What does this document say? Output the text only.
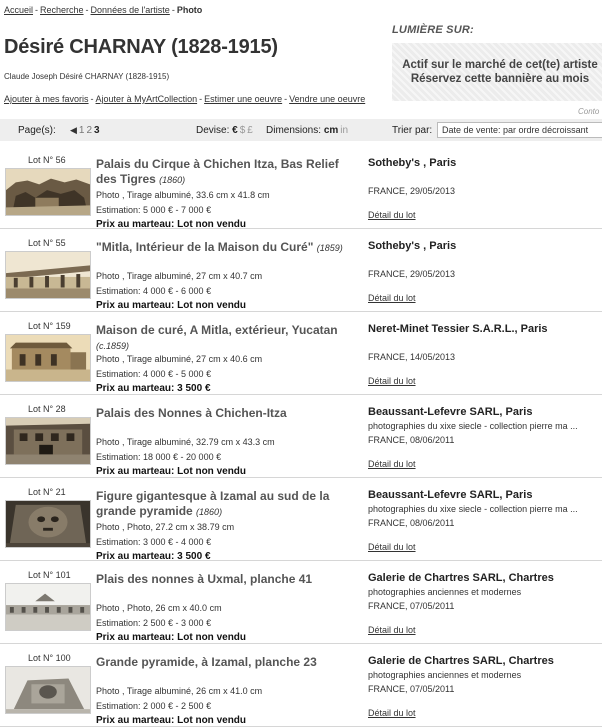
Accueil - Recherche - Données de l'artiste - Photo
Désiré CHARNAY (1828-1915)
Claude Joseph Désiré CHARNAY (1828-1915)
Ajouter à mes favoris - Ajouter à MyArtCollection - Estimer une oeuvre - Vendre une oeuvre
LUMIÈRE SUR:
Actif sur le marché de cet(te) artiste
Réservez cette bannière au mois
Conto
Page(s): ◀ 1 2 3	Devise: € $ £ Dimensions: cm in	Trier par:	Date de vente: par ordre décroissant
Lot N° 56	Palais du Cirque à Chichen Itza, Bas Relief des Tigres (1860)
Photo , Tirage albuminé, 33.6 cm x 41.8 cm
Estimation: 5 000 € - 7 000 €
Prix au marteau: Lot non vendu
Sotheby's , Paris
FRANCE, 29/05/2013
Détail du lot
Lot N° 55	"Mitla, Intérieur de la Maison du Curé" (1859)
Photo , Tirage albuminé, 27 cm x 40.7 cm
Estimation: 4 000 € - 6 000 €
Prix au marteau: Lot non vendu
Sotheby's , Paris
FRANCE, 29/05/2013
Détail du lot
Lot N° 159 Maison de curé, A Mitla, extérieur, Yucatan (c.1859)
Photo , Tirage albuminé, 27 cm x 40.6 cm
Estimation: 4 000 € - 5 000 €
Prix au marteau: 3 500 €
Neret-Minet Tessier S.A.R.L., Paris
FRANCE, 14/05/2013
Détail du lot
Lot N° 28	Palais des Nonnes à Chichen-Itza
Photo , Tirage albuminé, 32.79 cm x 43.3 cm
Estimation: 18 000 € - 20 000 €
Prix au marteau: Lot non vendu
Beaussant-Lefevre SARL, Paris
photographies du xixe siecle - collection pierre ma ...
FRANCE, 08/06/2011
Détail du lot
Lot N° 21	Figure gigantesque à Izamal au sud de la grande pyramide (1860)
Photo , Photo, 27.2 cm x 38.79 cm
Estimation: 3 000 € - 4 000 €
Prix au marteau: 3 500 €
Beaussant-Lefevre SARL, Paris
photographies du xixe siecle - collection pierre ma ...
FRANCE, 08/06/2011
Détail du lot
Lot N° 101 Plais des nonnes à Uxmal, planche 41
Photo , Photo, 26 cm x 40.0 cm
Estimation: 2 500 € - 3 000 €
Prix au marteau: Lot non vendu
Galerie de Chartres SARL, Chartres
photographies anciennes et modernes
FRANCE, 07/05/2011
Détail du lot
Lot N° 100 Grande pyramide, à Izamal, planche 23
Photo , Tirage albuminé, 26 cm x 41.0 cm
Estimation: 2 000 € - 2 500 €
Prix au marteau: Lot non vendu
Galerie de Chartres SARL, Chartres
photographies anciennes et modernes
FRANCE, 07/05/2011
Détail du lot
